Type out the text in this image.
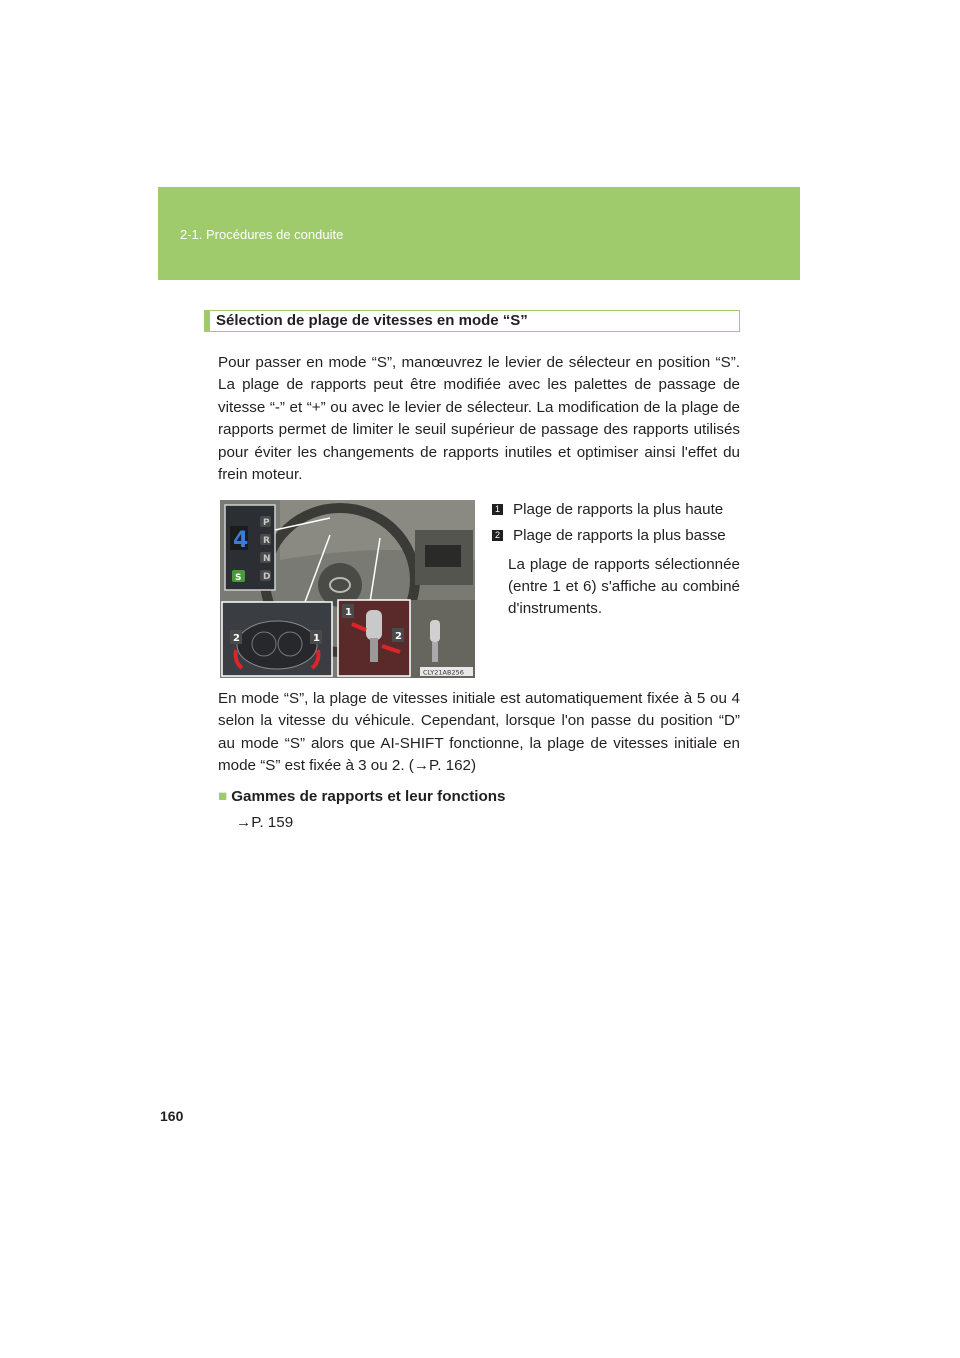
2-1. Procédures de conduite
Sélection de plage de vitesses en mode “S”

Pour passer en mode “S”, manœuvrez le levier de sélecteur en position “S”. La plage de rapports peut être modifiée avec les palettes de passage de vitesse “-” et “+” ou avec le levier de sélecteur. La modification de la plage de rapports permet de limiter le seuil supérieur de passage des rapports utilisés pour éviter les changements de rapports inutiles et optimiser ainsi l'effet du frein moteur.

4
S
P
R
N
D
2	1
1
2
CLY21AB256
1 Plage de rapports la plus haute
2 Plage de rapports la plus basse
La plage de rapports sélectionnée (entre 1 et 6) s'affiche au combiné d'instruments.

En mode “S”, la plage de vitesses initiale est automatiquement fixée à 5 ou 4 selon la vitesse du véhicule. Cependant, lorsque l'on passe du position “D” au mode “S” alors que AI-SHIFT fonctionne, la plage de vitesses initiale en mode “S” est fixée à 3 ou 2. (→P. 162)

■ Gammes de rapports et leur fonctions
→P. 159
160
